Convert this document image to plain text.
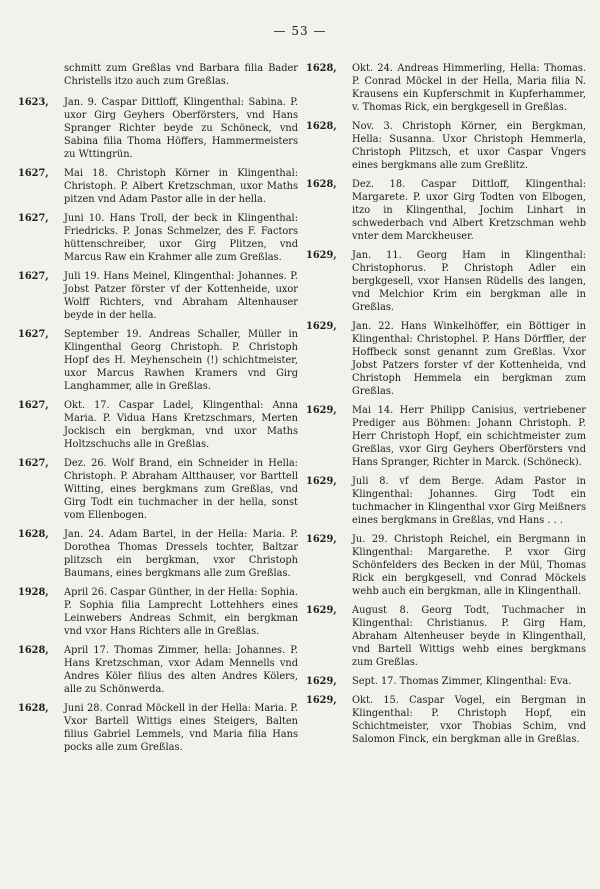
— 53 —
schmitt zum Greßlas vnd Barbara filia Bader Christells itzo auch zum Greßlas.
1623,	Jan. 9. Caspar Dittloff, Klingenthal: Sabina. P. uxor Girg Geyhers Oberförsters, vnd Hans Spranger Richter beyde zu Schöneck, vnd Sabina filia Thoma Höffers, Hammermeisters zu Wttingrün.
1627,	Mai 18. Christoph Körner in Klingenthal: Christoph. P. Albert Kretzschman, uxor Maths pitzen vnd Adam Pastor alle in der hella.
1627,	Juni 10. Hans Troll, der beck in Klingenthal: Friedricks. P. Jonas Schmelzer, des F. Factors hüttenschreiber, uxor Girg Plitzen, vnd Marcus Raw ein Krahmer alle zum Greßlas.
1627,	Juli 19. Hans Meinel, Klingenthal: Johannes. P. Jobst Patzer förster vf der Kottenheide, uxor Wolff Richters, vnd Abraham Altenhauser beyde in der hella.
1627,	September 19. Andreas Schaller, Müller in Klingenthal Georg Christoph. P. Christoph Hopf des H. Meyhenschein (!) schichtmeister, uxor Marcus Rawhen Kramers vnd Girg Langhammer, alle in Greßlas.
1627,	Okt. 17. Caspar Ladel, Klingenthal: Anna Maria. P. Vidua Hans Kretzschmars, Merten Jockisch ein bergkman, vnd uxor Maths Holtzschuchs alle in Greßlas.
1627,	Dez. 26. Wolf Brand, ein Schneider in Hella: Christoph. P. Abraham Altthauser, vor Barttell Witting, eines bergkmans zum Greßlas, vnd Girg Todt ein tuchmacher in der hella, sonst vom Ellenbogen.
1628,	Jan. 24. Adam Bartel, in der Hella: Maria. P. Dorothea Thomas Dressels tochter, Baltzar plitzsch ein bergkman, vxor Christoph Baumans, eines bergkmans alle zum Greßlas.
1928,	April 26. Caspar Günther, in der Hella: Sophia. P. Sophia filia Lamprecht Lottehhers eines Leinwebers Andreas Schmit, ein bergkman vnd vxor Hans Richters alle in Greßlas.
1628,	April 17. Thomas Zimmer, hella: Johannes. P. Hans Kretzschman, vxor Adam Mennells vnd Andres Köler filius des alten Andres Kölers, alle zu Schönwerda.
1628,	Juni 28. Conrad Möckell in der Hella: Maria. P. Vxor Bartell Wittigs eines Steigers, Balten filius Gabriel Lemmels, vnd Maria filia Hans pocks alle zum Greßlas.
1628,	Okt. 24. Andreas Himmerling, Hella: Thomas. P. Conrad Möckel in der Hella, Maria filia N. Krausens ein Kupferschmit in Kupferhammer, v. Thomas Rick, ein bergkgesell in Greßlas.
1628,	Nov. 3. Christoph Körner, ein Bergkman, Hella: Susanna. Uxor Christoph Hemmerla, Christoph Plitzsch, et uxor Caspar Vngers eines bergkmans alle zum Greßlitz.
1628,	Dez. 18. Caspar Dittloff, Klingenthal: Margarete. P. uxor Girg Todten von Elbogen, itzo in Klingenthal, Jochim Linhart in schwederbach vnd Albert Kretzschman wehb vnter dem Marckheuser.
1629,	Jan. 11. Georg Ham in Klingenthal: Christophorus. P. Christoph Adler ein bergkgesell, vxor Hansen Rüdells des langen, vnd Melchior Krim ein bergkman alle in Greßlas.
1629,	Jan. 22. Hans Winkelhöffer, ein Böttiger in Klingenthal: Christophel. P. Hans Dörffler, der Hoffbeck sonst genannt zum Greßlas. Vxor Jobst Patzers forster vf der Kottenheida, vnd Christoph Hemmela ein bergkman zum Greßlas.
1629,	Mai 14. Herr Philipp Canisius, vertriebener Prediger aus Böhmen: Johann Christoph. P. Herr Christoph Hopf, ein schichtmeister zum Greßlas, vxor Girg Geyhers Oberförsters vnd Hans Spranger, Richter in Marck. (Schöneck).
1629,	Juli 8. vf dem Berge. Adam Pastor in Klingenthal: Johannes. Girg Todt ein tuchmacher in Klingenthal vxor Girg Meißners eines bergkmans in Greßlas, vnd Hans . . .
1629,	Ju. 29. Christoph Reichel, ein Bergmann in Klingenthal: Margarethe. P. vxor Girg Schönfelders des Becken in der Mül, Thomas Rick ein bergkgesell, vnd Conrad Möckels wehb auch ein bergkman, alle in Klingenthall.
1629,	August 8. Georg Todt, Tuchmacher in Klingenthal: Christianus. P. Girg Ham, Abraham Altenheuser beyde in Klingenthall, vnd Bartell Wittigs wehb eines bergkmans zum Greßlas.
1629,	Sept. 17. Thomas Zimmer, Klingenthal: Eva.
1629,	Okt. 15. Caspar Vogel, ein Bergman in Klingenthal: P. Christoph Hopf, ein Schichtmeister, vxor Thobias Schim, vnd Salomon Finck, ein bergkman alle in Greßlas.
